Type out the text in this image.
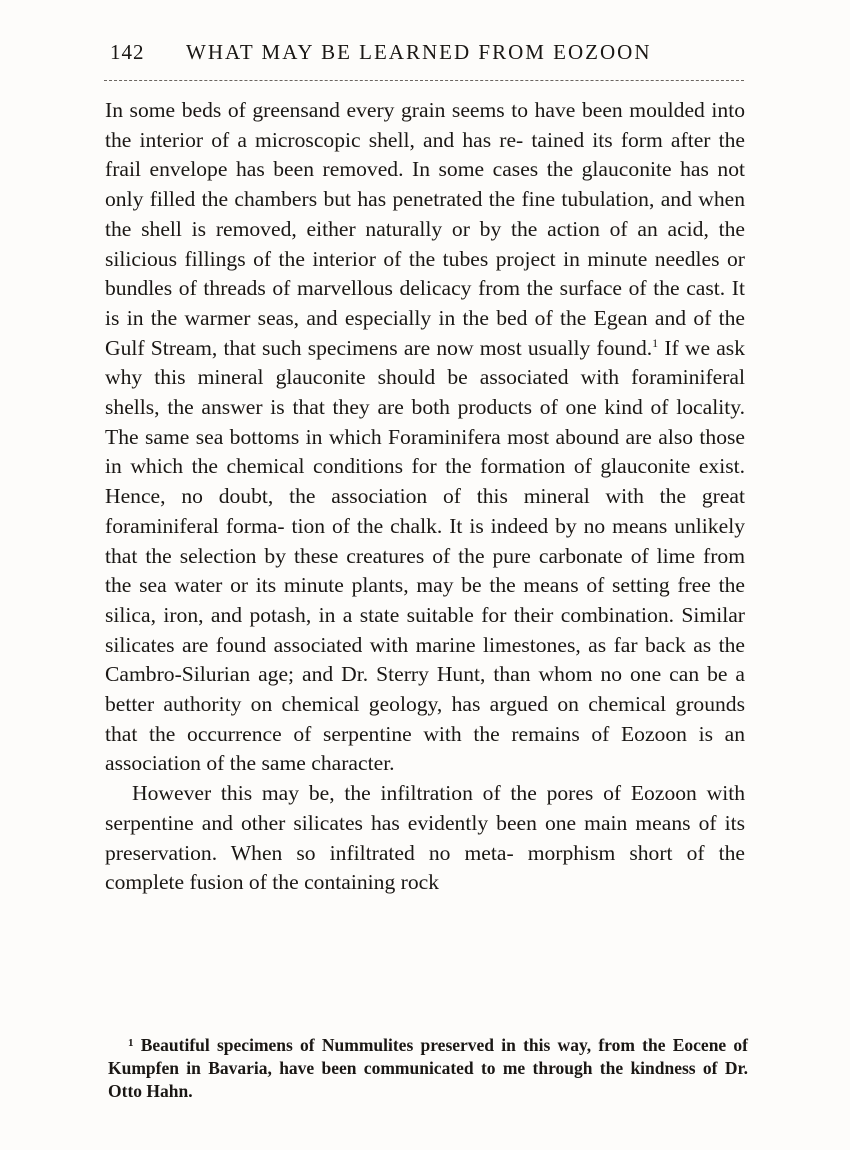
142 WHAT MAY BE LEARNED FROM EOZOON

In some beds of greensand every grain seems to have been moulded into the interior of a microscopic shell, and has re- tained its form after the frail envelope has been removed. In some cases the glauconite has not only filled the chambers but has penetrated the fine tubulation, and when the shell is removed, either naturally or by the action of an acid, the silicious fillings of the interior of the tubes project in minute needles or bundles of threads of marvellous delicacy from the surface of the cast. It is in the warmer seas, and especially in the bed of the Egean and of the Gulf Stream, that such specimens are now most usually found.$^1$ If we ask why this mineral glauconite should be associated with foraminiferal shells, the answer is that they are both products of one kind of locality. The same sea bottoms in which Foraminifera most abound are also those in which the chemical conditions for the formation of glauconite exist. Hence, no doubt, the association of this mineral with the great foraminiferal forma- tion of the chalk. It is indeed by no means unlikely that the selection by these creatures of the pure carbonate of lime from the sea water or its minute plants, may be the means of setting free the silica, iron, and potash, in a state suitable for their combination. Similar silicates are found associated with marine limestones, as far back as the Cambro-Silurian age; and Dr. Sterry Hunt, than whom no one can be a better authority on chemical geology, has argued on chemical grounds that the occurrence of serpentine with the remains of Eozoon is an association of the same character.

However this may be, the infiltration of the pores of Eozoon with serpentine and other silicates has evidently been one main means of its preservation. When so infiltrated no meta- morphism short of the complete fusion of the containing rock

$^1$ Beautiful specimens of Nummulites preserved in this way, from the Eocene of Kumpfen in Bavaria, have been communicated to me through the kindness of Dr. Otto Hahn.
